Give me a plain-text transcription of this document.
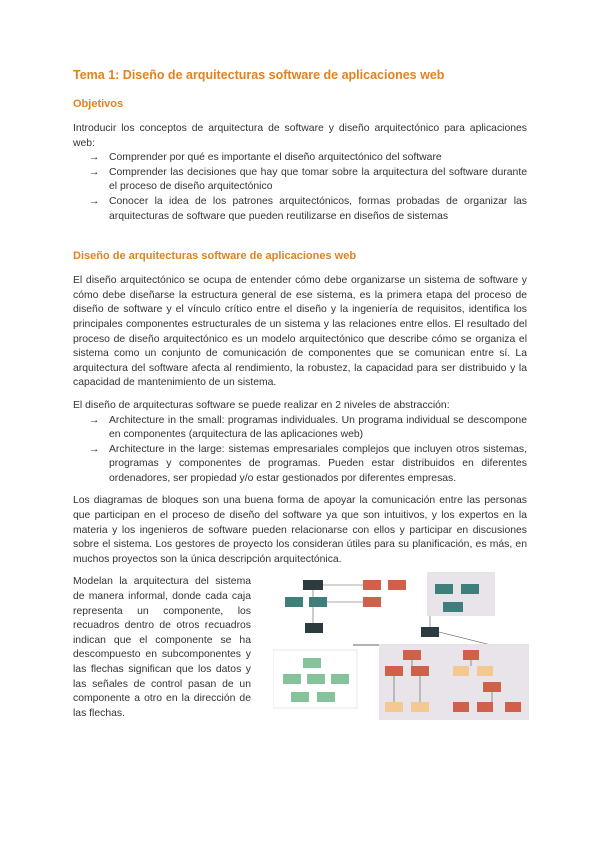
Tema 1: Diseño de arquitecturas software de aplicaciones web
Objetivos

Introducir los conceptos de arquitectura de software y diseño arquitectónico para aplicaciones web:

→ Comprender por qué es importante el diseño arquitectónico del software
→ Comprender las decisiones que hay que tomar sobre la arquitectura del software durante el proceso de diseño arquitectónico
→ Conocer la idea de los patrones arquitectónicos, formas probadas de organizar las arquitecturas de software que pueden reutilizarse en diseños de sistemas
Diseño de arquitecturas software de aplicaciones web

El diseño arquitectónico se ocupa de entender cómo debe organizarse un sistema de software y cómo debe diseñarse la estructura general de ese sistema, es la primera etapa del proceso de diseño de software y el vínculo crítico entre el diseño y la ingeniería de requisitos, identifica los principales componentes estructurales de un sistema y las relaciones entre ellos. El resultado del proceso de diseño arquitectónico es un modelo arquitectónico que describe cómo se organiza el sistema como un conjunto de comunicación de componentes que se comunican entre sí. La arquitectura del software afecta al rendimiento, la robustez, la capacidad para ser distribuido y la capacidad de mantenimiento de un sistema.

El diseño de arquitecturas software se puede realizar en 2 niveles de abstracción:

→ Architecture in the small: programas individuales. Un programa individual se descompone en componentes (arquitectura de las aplicaciones web)
→ Architecture in the large: sistemas empresariales complejos que incluyen otros sistemas, programas y componentes de programas. Pueden estar distribuidos en diferentes ordenadores, ser propiedad y/o estar gestionados por diferentes empresas.

Los diagramas de bloques son una buena forma de apoyar la comunicación entre las personas que participan en el proceso de diseño del software ya que son intuitivos, y los expertos en la materia y los ingenieros de software pueden relacionarse con ellos y participar en discusiones sobre el sistema. Los gestores de proyecto los consideran útiles para su planificación, es más, en muchos proyectos son la única descripción arquitectónica.

Modelan la arquitectura del sistema de manera informal, donde cada caja representa un componente, los recuadros dentro de otros recuadros indican que el componente se ha descompuesto en subcomponentes y las flechas significan que los datos y las señales de control pasan de un componente a otro en la dirección de las flechas.
